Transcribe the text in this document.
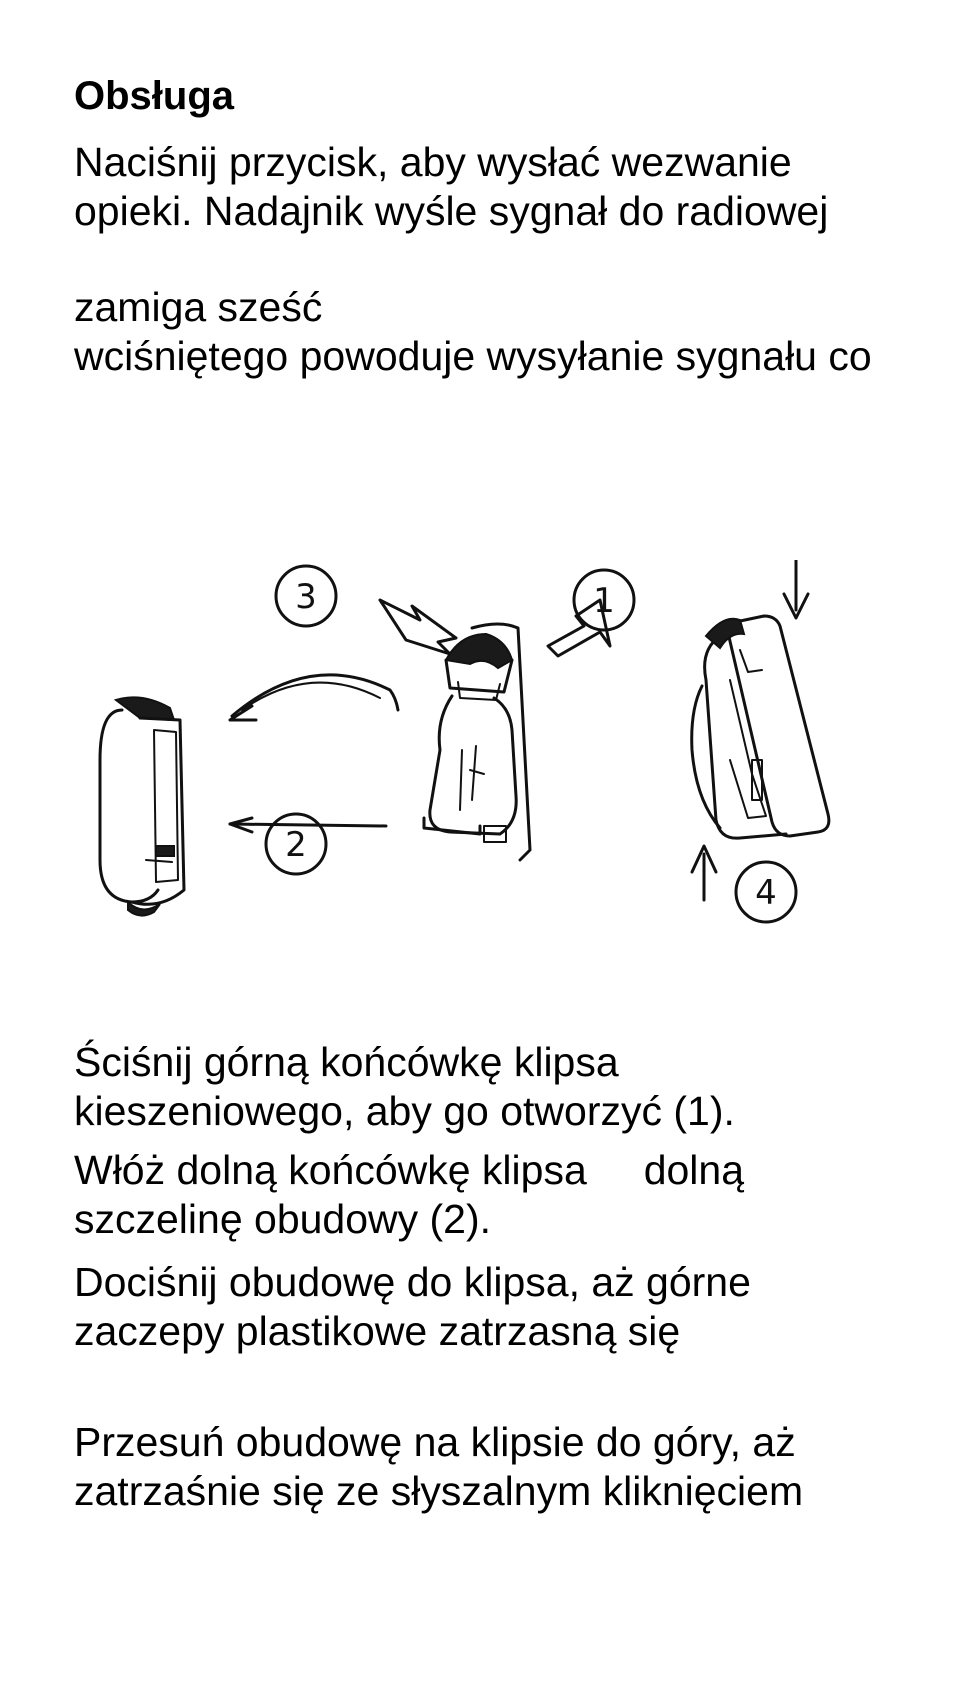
Obsługa

Naciśnij przycisk, aby wysłać wezwanie

opieki. Nadajnik wyśle sygnał do radiowej

zamiga sześć

wciśniętego powoduje wysyłanie sygnału co

1
3
2
4

Ściśnij górną końcówkę klipsa

kieszeniowego, aby go otworzyć (1).

Włóż dolną końcówkę klipsa     dolną

szczelinę obudowy (2).

Dociśnij obudowę do klipsa, aż górne

zaczepy plastikowe zatrzasną się

Przesuń obudowę na klipsie do góry, aż

zatrzaśnie się ze słyszalnym kliknięciem
